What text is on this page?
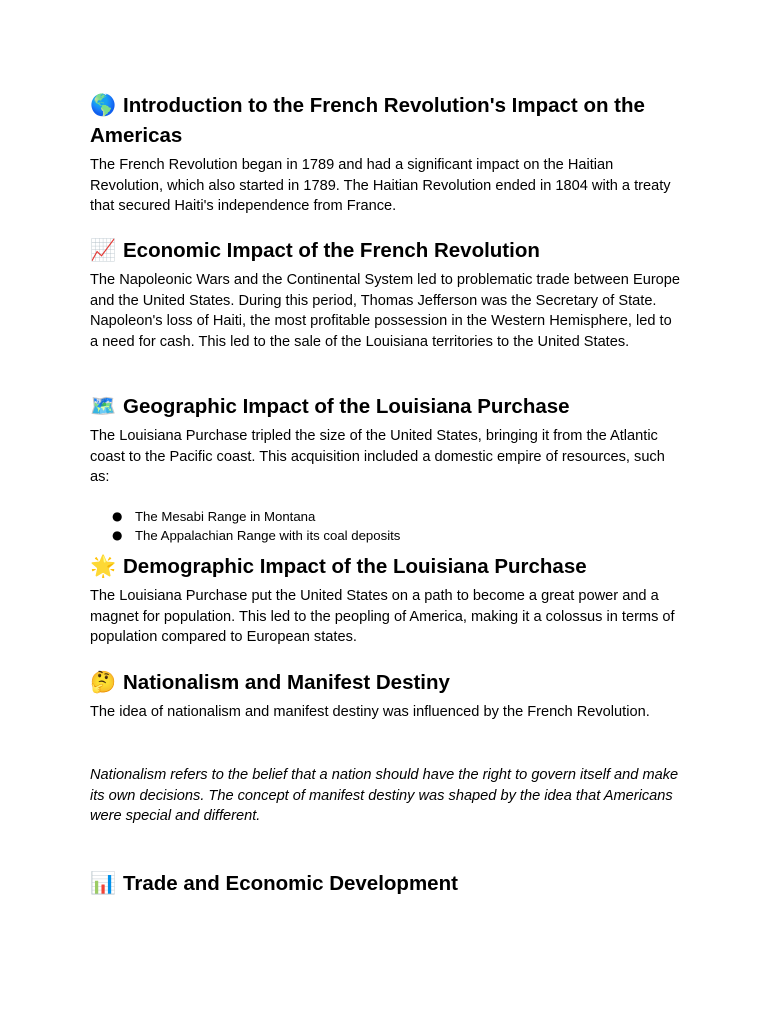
🌎 Introduction to the French Revolution's Impact on the Americas

The French Revolution began in 1789 and had a significant impact on the Haitian Revolution, which also started in 1789. The Haitian Revolution ended in 1804 with a treaty that secured Haiti's independence from France.

📈 Economic Impact of the French Revolution

The Napoleonic Wars and the Continental System led to problematic trade between Europe and the United States. During this period, Thomas Jefferson was the Secretary of State. Napoleon's loss of Haiti, the most profitable possession in the Western Hemisphere, led to a need for cash. This led to the sale of the Louisiana territories to the United States.

🗺️ Geographic Impact of the Louisiana Purchase

The Louisiana Purchase tripled the size of the United States, bringing it from the Atlantic coast to the Pacific coast. This acquisition included a domestic empire of resources, such as:

● The Mesabi Range in Montana
● The Appalachian Range with its coal deposits
🌟 Demographic Impact of the Louisiana Purchase

The Louisiana Purchase put the United States on a path to become a great power and a magnet for population. This led to the peopling of America, making it a colossus in terms of population compared to European states.

🤔 Nationalism and Manifest Destiny

The idea of nationalism and manifest destiny was influenced by the French Revolution.

Nationalism refers to the belief that a nation should have the right to govern itself and make its own decisions. The concept of manifest destiny was shaped by the idea that Americans were special and different.

📊 Trade and Economic Development
